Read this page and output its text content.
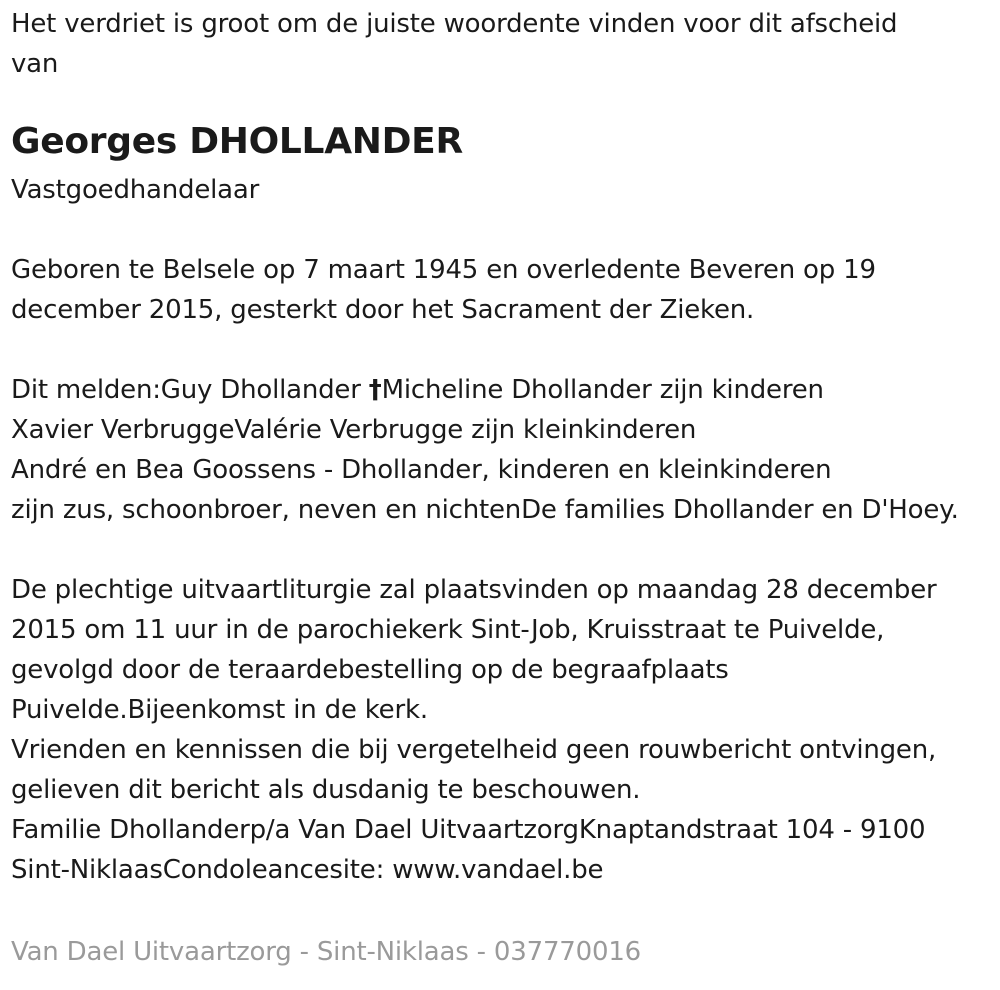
Het verdriet is groot om de juiste woordente vinden voor dit afscheid
van
Georges DHOLLANDER
Vastgoedhandelaar
Geboren te Belsele op 7 maart 1945 en overledente Beveren op 19
december 2015, gesterkt door het Sacrament der Zieken.
Dit melden:Guy Dhollander †Micheline Dhollander zijn kinderen
Xavier VerbruggeValérie Verbrugge zijn kleinkinderen
André en Bea Goossens - Dhollander, kinderen en kleinkinderen
zijn zus, schoonbroer, neven en nichtenDe families Dhollander en D'Hoey.
De plechtige uitvaartliturgie zal plaatsvinden op maandag 28 december
2015 om 11 uur in de parochiekerk Sint-Job, Kruisstraat te Puivelde,
gevolgd door de teraardebestelling op de begraafplaats
Puivelde.Bijeenkomst in de kerk.
Vrienden en kennissen die bij vergetelheid geen rouwbericht ontvingen,
gelieven dit bericht als dusdanig te beschouwen.
Familie Dhollanderp/a Van Dael UitvaartzorgKnaptandstraat 104 - 9100
Sint-NiklaasCondoleancesite: www.vandael.be
Van Dael Uitvaartzorg - Sint-Niklaas - 037770016
